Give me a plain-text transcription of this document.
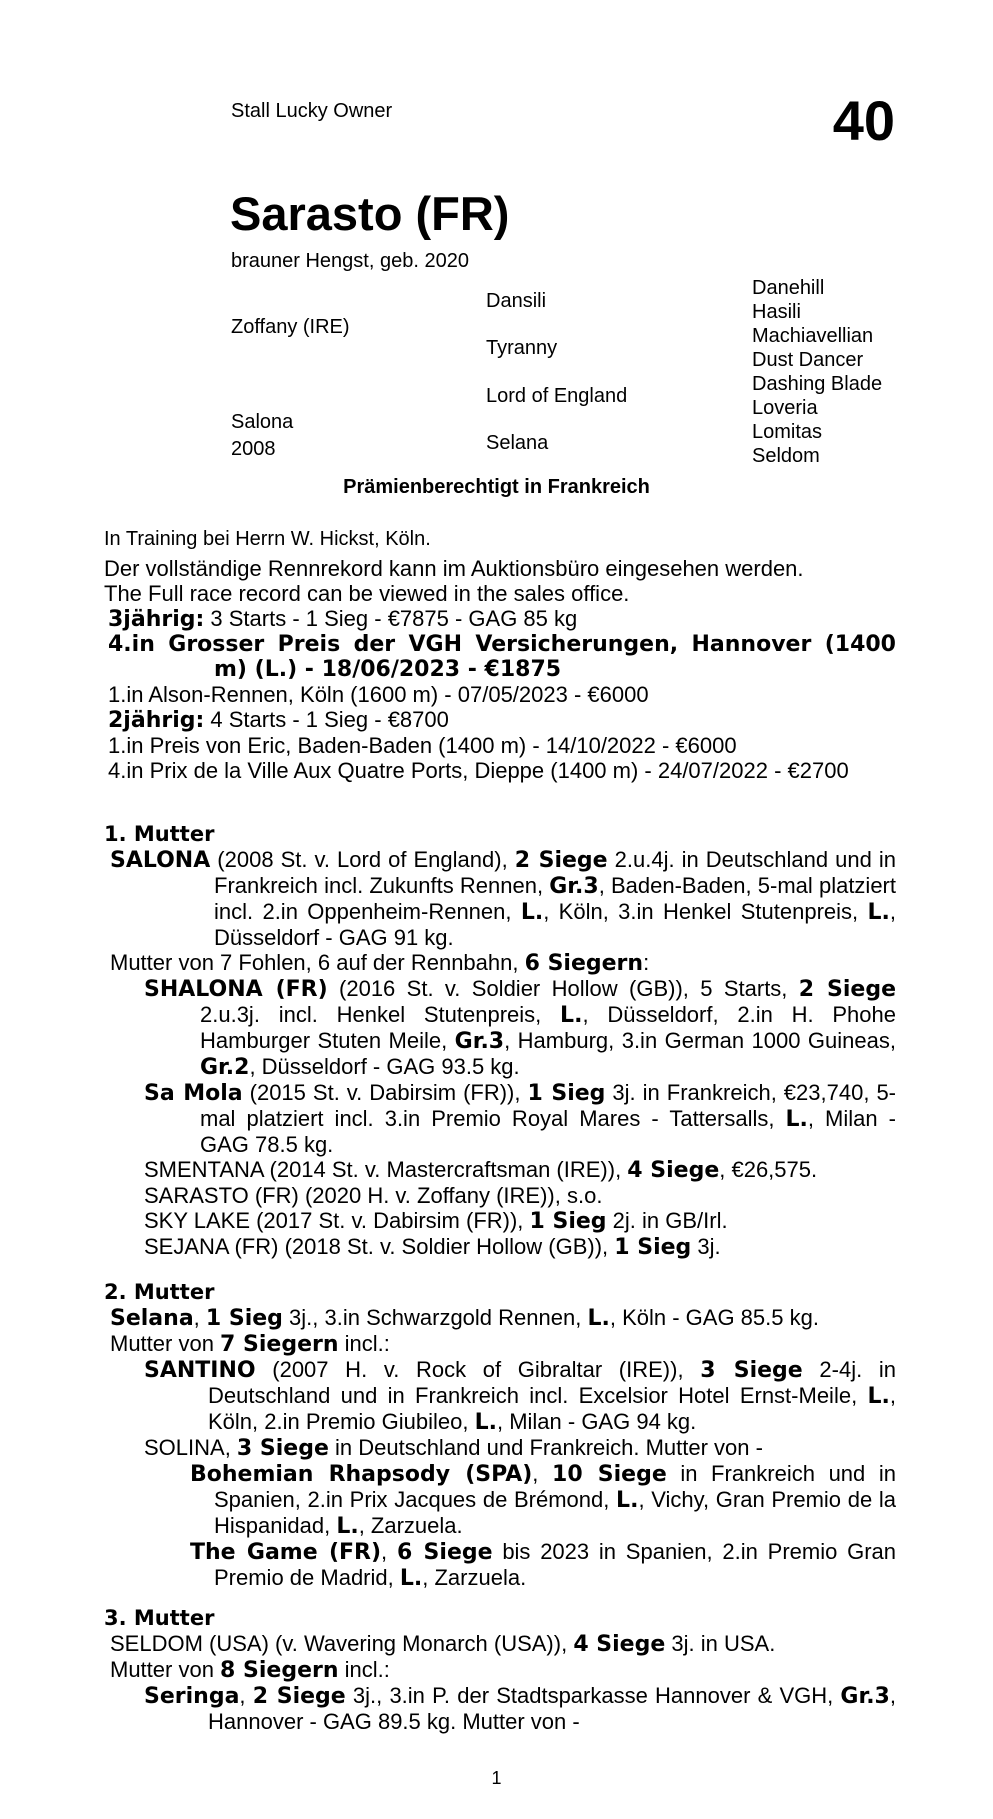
Stall Lucky Owner	40
Sarasto (FR)
brauner Hengst, geb. 2020
Zoffany (IRE)
Salona
2008
Dansili
Tyranny
Lord of England
Selana
Danehill
Hasili
Machiavellian
Dust Dancer
Dashing Blade
Loveria
Lomitas
Seldom
Prämienberechtigt in Frankreich
In Training bei Herrn W. Hickst, Köln.

Der vollständige Rennrekord kann im Auktionsbüro eingesehen werden.

The Full race record can be viewed in the sales office.

3jährig: 3 Starts - 1 Sieg - €7875 - GAG 85 kg

4.in Grosser Preis der VGH Versicherungen, Hannover (1400 m) (L.) - 18/06/2023 - €1875

1.in Alson-Rennen, Köln (1600 m) - 07/05/2023 - €6000

2jährig: 4 Starts - 1 Sieg - €8700

1.in Preis von Eric, Baden-Baden (1400 m) - 14/10/2022 - €6000

4.in Prix de la Ville Aux Quatre Ports, Dieppe (1400 m) - 24/07/2022 - €2700

1. Mutter

SALONA (2008 St. v. Lord of England), 2 Siege 2.u.4j. in Deutschland und in Frankreich incl. Zukunfts Rennen, Gr.3, Baden-Baden, 5-mal platziert incl. 2.in Oppenheim-Rennen, L., Köln, 3.in Henkel Stutenpreis, L., Düsseldorf - GAG 91 kg.

Mutter von 7 Fohlen, 6 auf der Rennbahn, 6 Siegern:

SHALONA (FR) (2016 St. v. Soldier Hollow (GB)), 5 Starts, 2 Siege 2.u.3j. incl. Henkel Stutenpreis, L., Düsseldorf, 2.in H. Phohe Hamburger Stuten Meile, Gr.3, Hamburg, 3.in German 1000 Guineas, Gr.2, Düsseldorf - GAG 93.5 kg.

Sa Mola (2015 St. v. Dabirsim (FR)), 1 Sieg 3j. in Frankreich, €23,740, 5-mal platziert incl. 3.in Premio Royal Mares - Tattersalls, L., Milan - GAG 78.5 kg.

SMENTANA (2014 St. v. Mastercraftsman (IRE)), 4 Siege, €26,575.

SARASTO (FR) (2020 H. v. Zoffany (IRE)), s.o.

SKY LAKE (2017 St. v. Dabirsim (FR)), 1 Sieg 2j. in GB/Irl.

SEJANA (FR) (2018 St. v. Soldier Hollow (GB)), 1 Sieg 3j.

2. Mutter

Selana, 1 Sieg 3j., 3.in Schwarzgold Rennen, L., Köln - GAG 85.5 kg.

Mutter von 7 Siegern incl.:

SANTINO (2007 H. v. Rock of Gibraltar (IRE)), 3 Siege 2-4j. in Deutschland und in Frankreich incl. Excelsior Hotel Ernst-Meile, L., Köln, 2.in Premio Giubileo, L., Milan - GAG 94 kg.

SOLINA, 3 Siege in Deutschland und Frankreich. Mutter von -

Bohemian Rhapsody (SPA), 10 Siege in Frankreich und in Spanien, 2.in Prix Jacques de Brémond, L., Vichy, Gran Premio de la Hispanidad, L., Zarzuela.

The Game (FR), 6 Siege bis 2023 in Spanien, 2.in Premio Gran Premio de Madrid, L., Zarzuela.

3. Mutter

SELDOM (USA) (v. Wavering Monarch (USA)), 4 Siege 3j. in USA.

Mutter von 8 Siegern incl.:

Seringa, 2 Siege 3j., 3.in P. der Stadtsparkasse Hannover & VGH, Gr.3, Hannover - GAG 89.5 kg. Mutter von -

1
